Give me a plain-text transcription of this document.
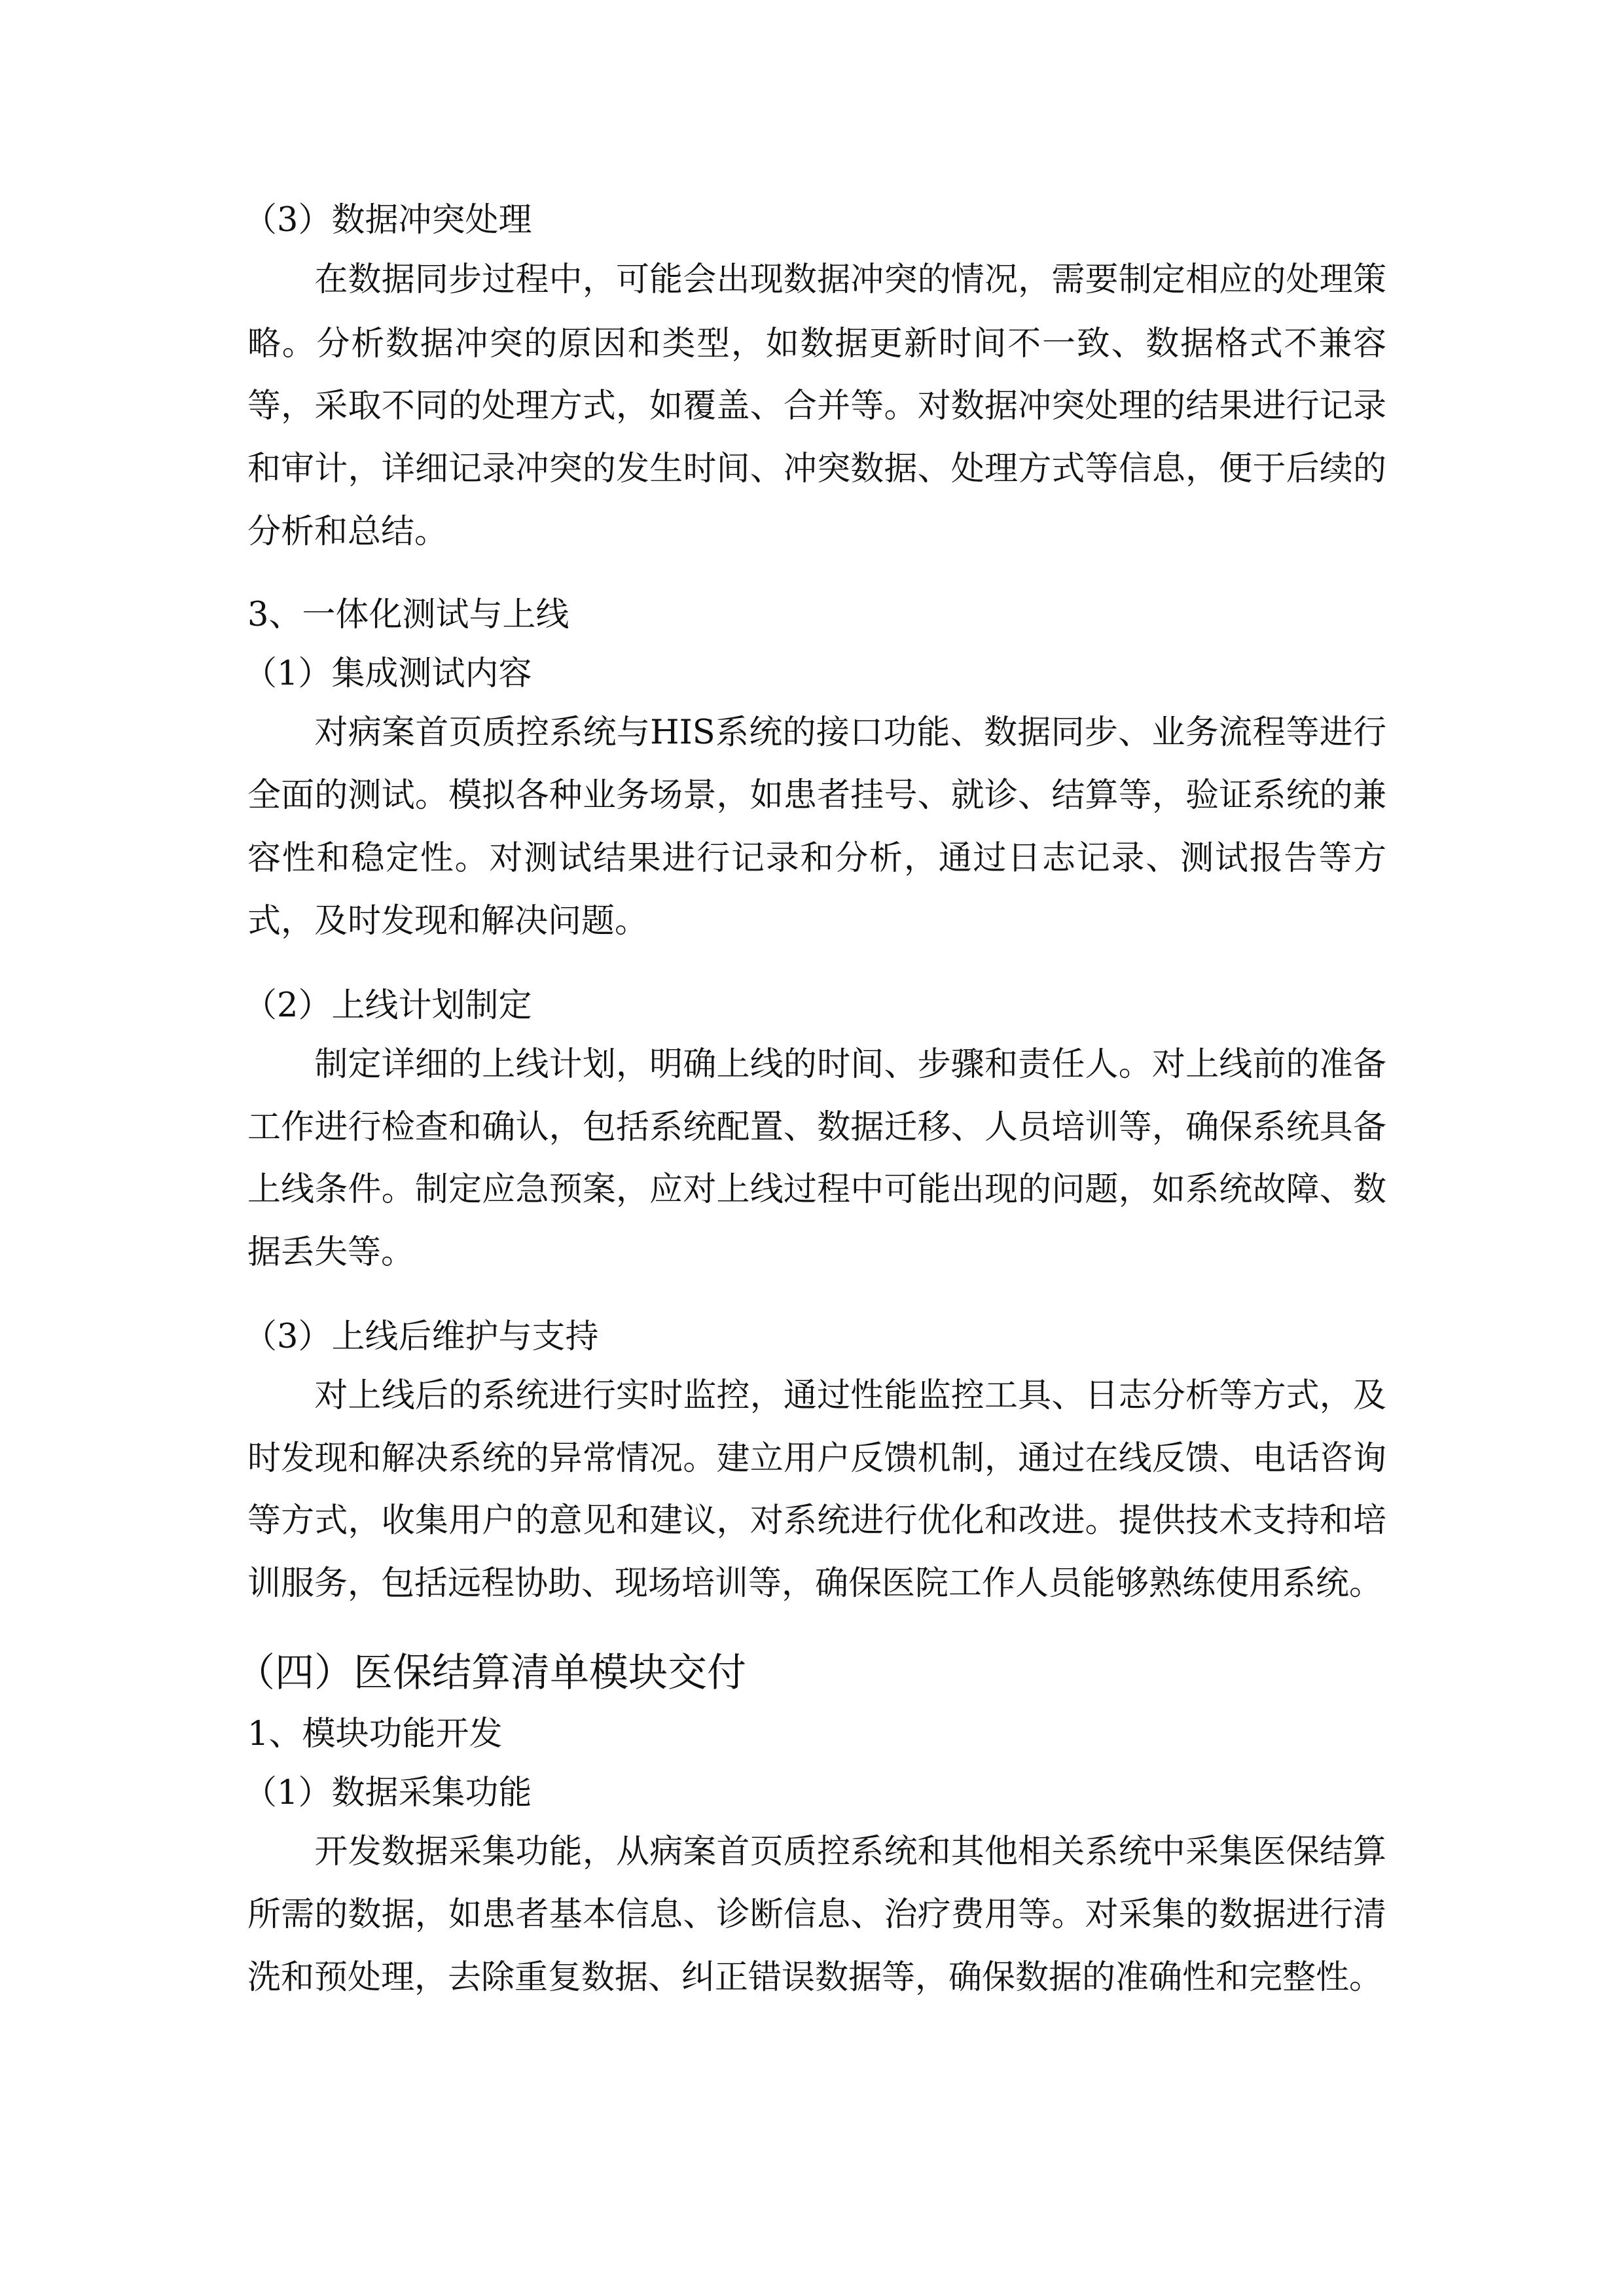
（3）数据冲突处理
　　在数据同步过程中，可能会出现数据冲突的情况，需要制定相应的处理策
略。分析数据冲突的原因和类型，如数据更新时间不一致、数据格式不兼容
等，采取不同的处理方式，如覆盖、合并等。对数据冲突处理的结果进行记录
和审计，详细记录冲突的发生时间、冲突数据、处理方式等信息，便于后续的
分析和总结。
3、一体化测试与上线
（1）集成测试内容
　　对病案首页质控系统与HIS系统的接口功能、数据同步、业务流程等进行
全面的测试。模拟各种业务场景，如患者挂号、就诊、结算等，验证系统的兼
容性和稳定性。对测试结果进行记录和分析，通过日志记录、测试报告等方
式，及时发现和解决问题。
（2）上线计划制定
　　制定详细的上线计划，明确上线的时间、步骤和责任人。对上线前的准备
工作进行检查和确认，包括系统配置、数据迁移、人员培训等，确保系统具备
上线条件。制定应急预案，应对上线过程中可能出现的问题，如系统故障、数
据丢失等。
（3）上线后维护与支持
　　对上线后的系统进行实时监控，通过性能监控工具、日志分析等方式，及
时发现和解决系统的异常情况。建立用户反馈机制，通过在线反馈、电话咨询
等方式，收集用户的意见和建议，对系统进行优化和改进。提供技术支持和培
训服务，包括远程协助、现场培训等，确保医院工作人员能够熟练使用系统。
（四）医保结算清单模块交付
1、模块功能开发
（1）数据采集功能
　　开发数据采集功能，从病案首页质控系统和其他相关系统中采集医保结算
所需的数据，如患者基本信息、诊断信息、治疗费用等。对采集的数据进行清
洗和预处理，去除重复数据、纠正错误数据等，确保数据的准确性和完整性。
